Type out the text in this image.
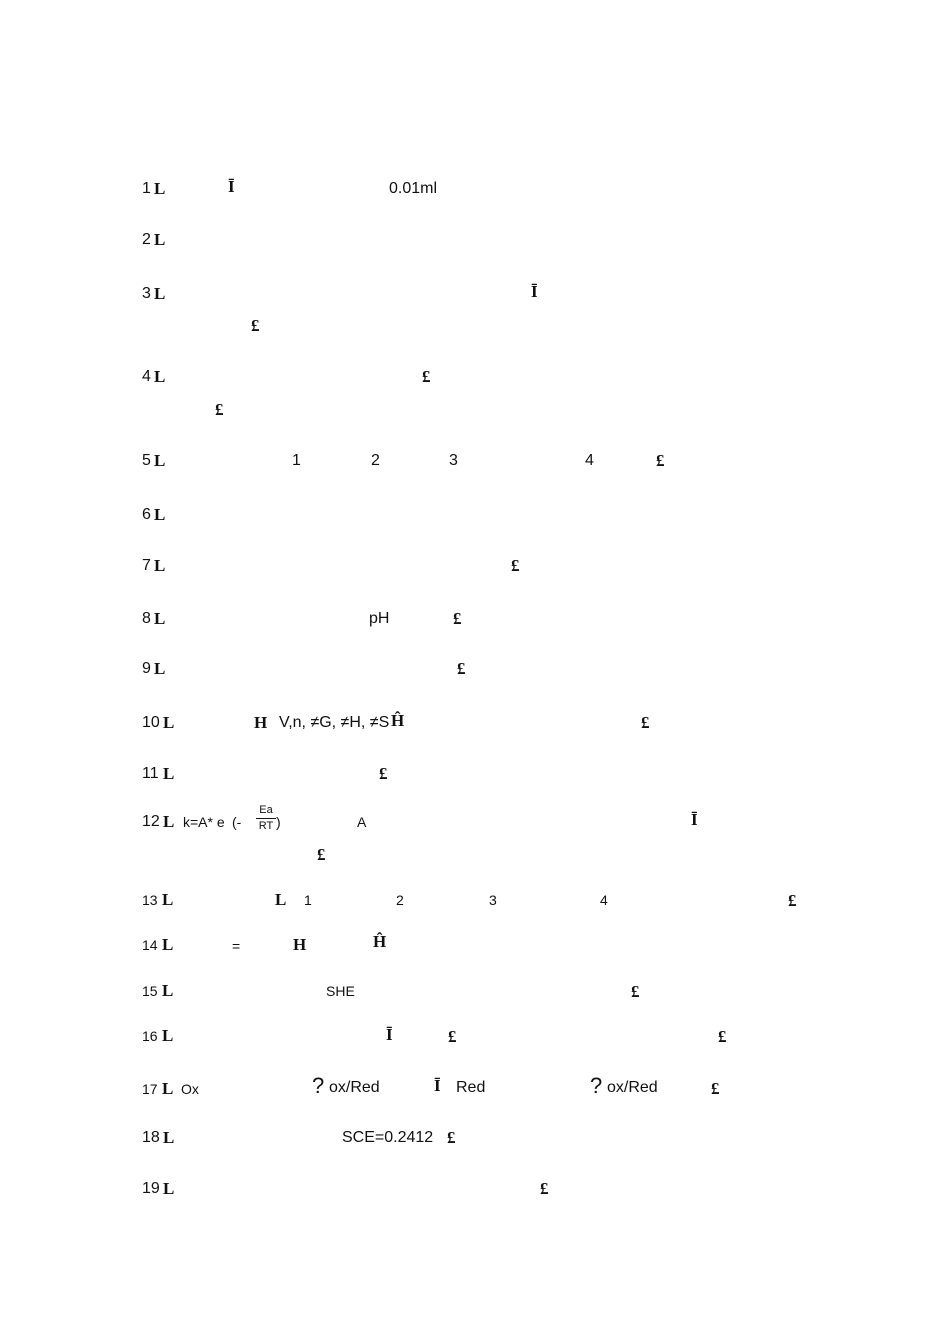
1 L	Ī	0.01ml
2 L
3 L	Ī
£
4 L	£
£
5 L	1	2	3	4	£
6 L
7 L	£
8 L	pH	£
9 L	£
10 L	H V,n, ≠G, ≠H, ≠S Ĥ	£
11 L	£
12 L k=A* e (-
Ea
RT )	A	Ī
£
13 L	L 1	2	3	4	£
14 L	=	H	Ĥ
15 L	SHE	£
16 L	Ī	£	£
17 L Ox	? ox/Red	Ī Red	? ox/Red	£
18 L	SCE=0.2412 £
19 L	£
